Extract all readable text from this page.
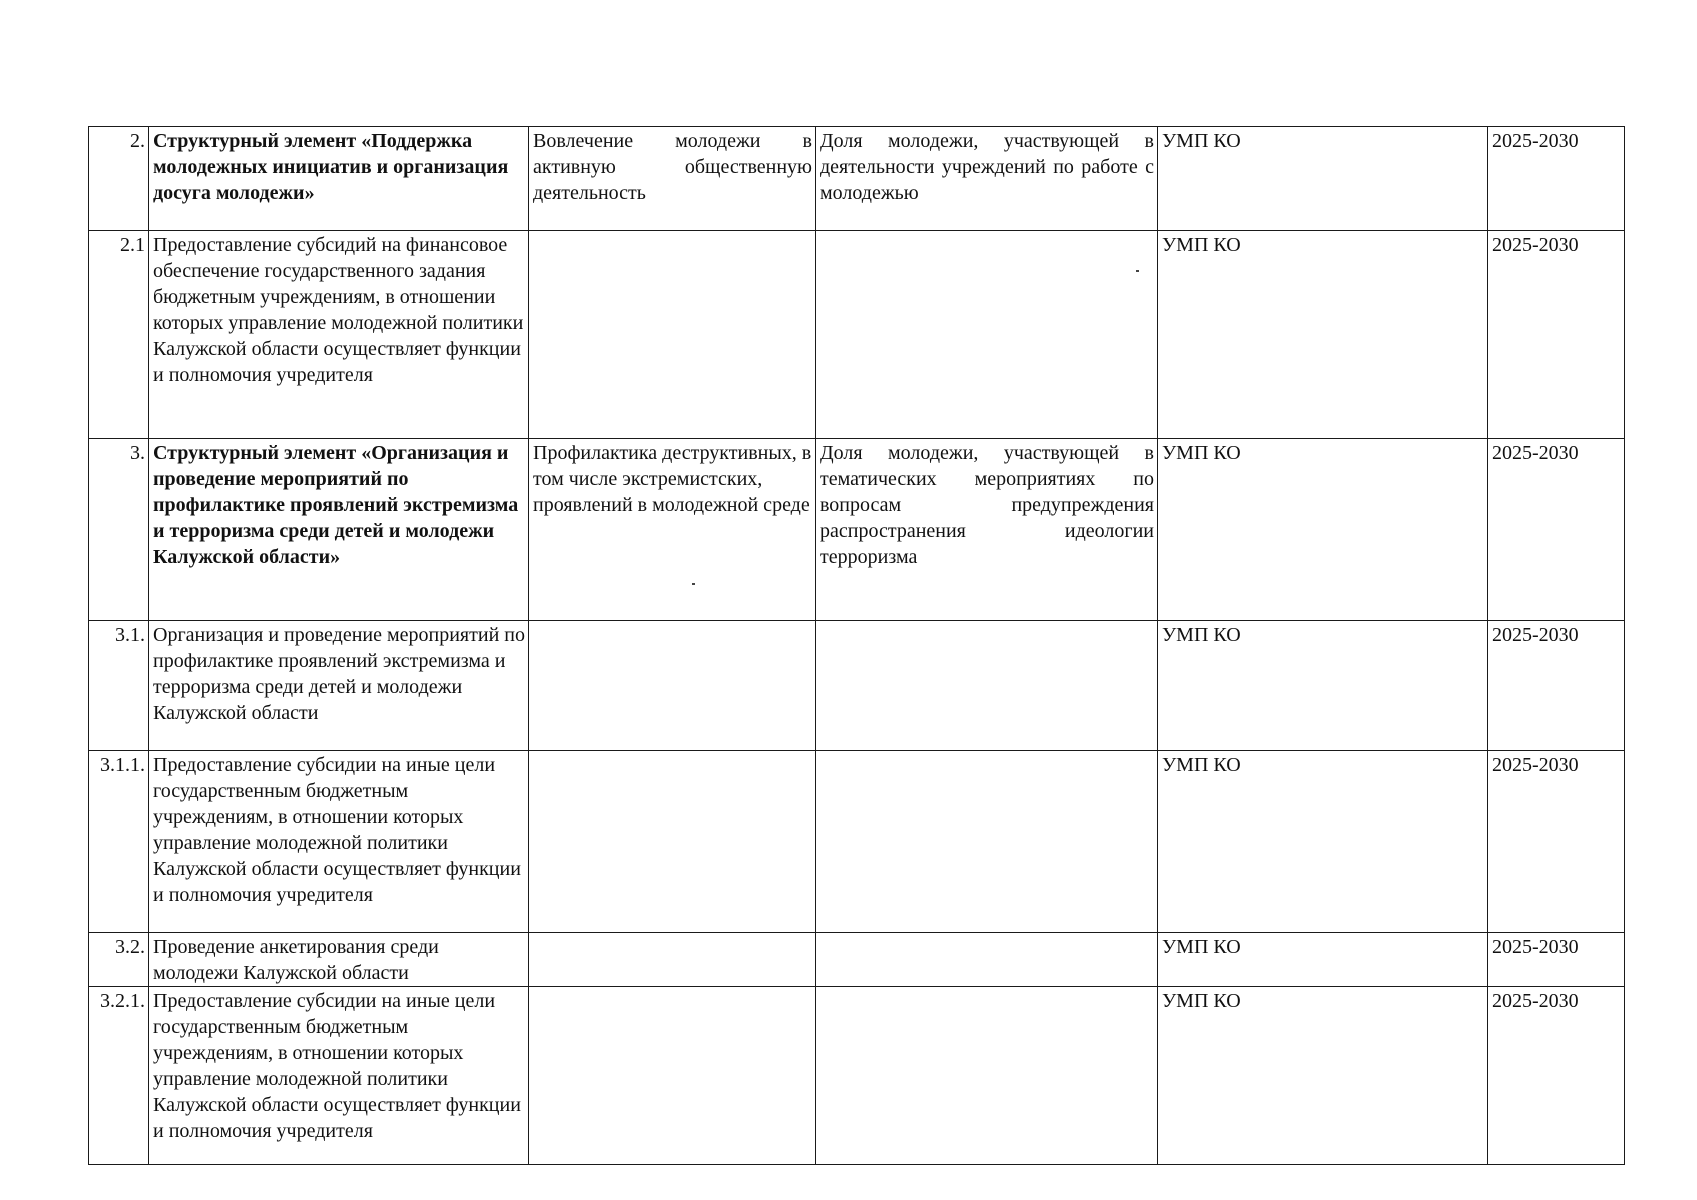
2.	Структурный элемент «Поддержка молодежных инициатив и организация досуга молодежи»	Вовлечение молодежи в активную общественную деятельность	Доля молодежи, участвующей в деятельности учреждений по работе с молодежью	УМП КО	2025-2030
2.1	Предоставление субсидий на финансовое обеспечение государственного задания бюджетным учреждениям, в отношении которых управление молодежной политики Калужской области осуществляет функции и полномочия учредителя			УМП КО	2025-2030
3.	Структурный элемент «Организация и проведение мероприятий по профилактике проявлений экстремизма и терроризма среди детей и молодежи Калужской области»	Профилактика деструктивных, в том числе экстремистских, проявлений в молодежной среде	Доля молодежи, участвующей в тематических мероприятиях по вопросам предупреждения распространения идеологии терроризма	УМП КО	2025-2030
3.1.	Организация и проведение мероприятий по профилактике проявлений экстремизма и терроризма среди детей и молодежи Калужской области			УМП КО	2025-2030
3.1.1.	Предоставление субсидии на иные цели государственным бюджетным учреждениям, в отношении которых управление молодежной политики Калужской области осуществляет функции и полномочия учредителя			УМП КО	2025-2030
3.2.	Проведение анкетирования среди молодежи Калужской области			УМП КО	2025-2030
3.2.1.	Предоставление субсидии на иные цели государственным бюджетным учреждениям, в отношении которых управление молодежной политики Калужской области осуществляет функции и полномочия учредителя			УМП КО	2025-2030
